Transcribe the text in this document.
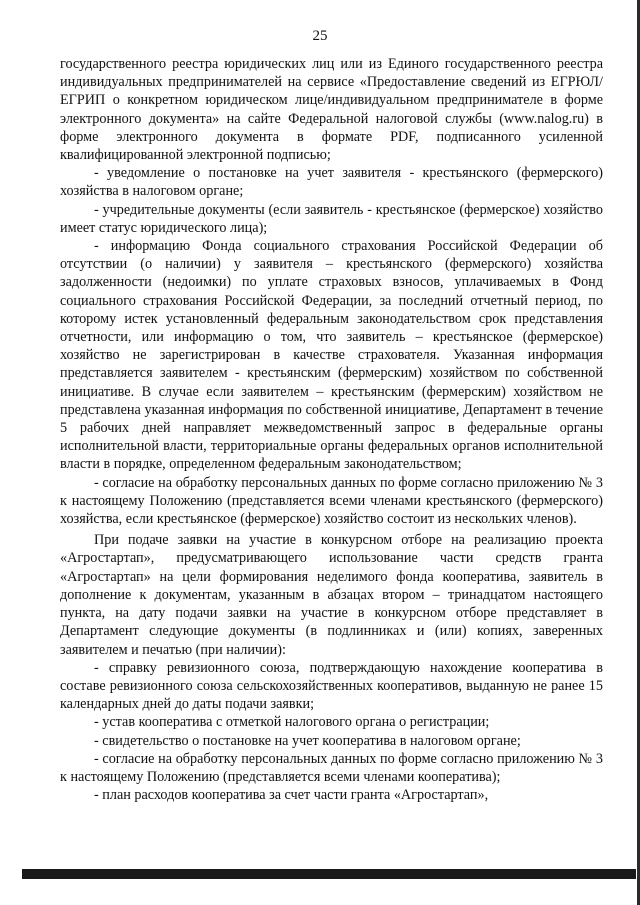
25

государственного реестра юридических лиц или из Единого государственного реестра индивидуальных предпринимателей на сервисе «Предоставление сведений из ЕГРЮЛ/ЕГРИП о конкретном юридическом лице/индивидуальном предпринимателе в форме электронного документа» на сайте Федеральной налоговой службы (www.nalog.ru) в форме электронного документа в формате PDF, подписанного усиленной квалифицированной электронной подписью;

- уведомление о постановке на учет заявителя - крестьянского (фермерского) хозяйства в налоговом органе;

- учредительные документы (если заявитель - крестьянское (фермерское) хозяйство имеет статус юридического лица);

- информацию Фонда социального страхования Российской Федерации об отсутствии (о наличии) у заявителя – крестьянского (фермерского) хозяйства задолженности (недоимки) по уплате страховых взносов, уплачиваемых в Фонд социального страхования Российской Федерации, за последний отчетный период, по которому истек установленный федеральным законодательством срок представления отчетности, или информацию о том, что заявитель – крестьянское (фермерское) хозяйство не зарегистрирован в качестве страхователя. Указанная информация представляется заявителем - крестьянским (фермерским) хозяйством по собственной инициативе. В случае если заявителем – крестьянским (фермерским) хозяйством не представлена указанная информация по собственной инициативе, Департамент в течение 5 рабочих дней направляет межведомственный запрос в федеральные органы исполнительной власти, территориальные органы федеральных органов исполнительной власти в порядке, определенном федеральным законодательством;

- согласие на обработку персональных данных по форме согласно приложению № 3 к настоящему Положению (представляется всеми членами крестьянского (фермерского) хозяйства, если крестьянское (фермерское) хозяйство состоит из нескольких членов).

При подаче заявки на участие в конкурсном отборе на реализацию проекта «Агростартап», предусматривающего использование части средств гранта «Агростартап» на цели формирования неделимого фонда кооператива, заявитель в дополнение к документам, указанным в абзацах втором – тринадцатом настоящего пункта, на дату подачи заявки на участие в конкурсном отборе представляет в Департамент следующие документы (в подлинниках и (или) копиях, заверенных заявителем и печатью (при наличии):

- справку ревизионного союза, подтверждающую нахождение кооператива в составе ревизионного союза сельскохозяйственных кооперативов, выданную не ранее 15 календарных дней до даты подачи заявки;

- устав кооператива с отметкой налогового органа о регистрации;

- свидетельство о постановке на учет кооператива в налоговом органе;

- согласие на обработку персональных данных по форме согласно приложению № 3 к настоящему Положению (представляется всеми членами кооператива);

- план расходов кооператива за счет части гранта «Агростартап»,
